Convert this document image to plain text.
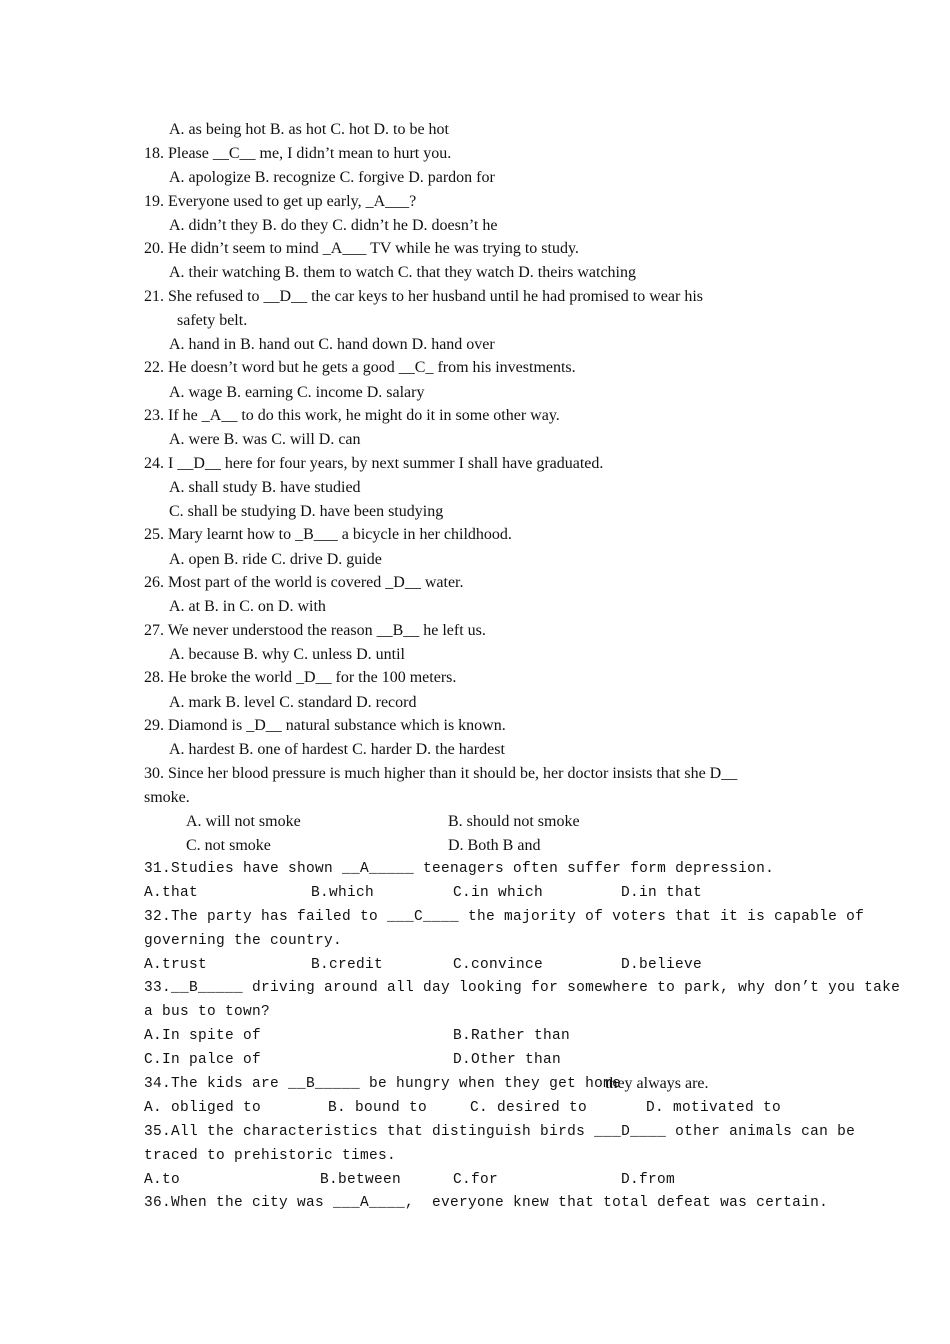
A. as being hot B. as hot C. hot D. to be hot
18. Please __C__ me, I didn’t mean to hurt you.
A. apologize B. recognize C. forgive D. pardon for
19. Everyone used to get up early, _A___?
A. didn’t they B. do they C. didn’t he D. doesn’t he
20. He didn’t seem to mind _A___ TV while he was trying to study.
A. their watching B. them to watch C. that they watch D. theirs watching
21. She refused to __D__ the car keys to her husband until he had promised to wear his
safety belt.
A. hand in B. hand out C. hand down D. hand over
22. He doesn’t word but he gets a good __C_ from his investments.
A. wage B. earning C. income D. salary
23. If he _A__ to do this work, he might do it in some other way.
A. were B. was C. will D. can
24. I __D__ here for four years, by next summer I shall have graduated.
A. shall study B. have studied
C. shall be studying D. have been studying
25. Mary learnt how to _B___ a bicycle in her childhood.
A. open B. ride C. drive D. guide
26. Most part of the world is covered _D__ water.
A. at B. in C. on D. with
27. We never understood the reason __B__ he left us.
A. because B. why C. unless D. until
28. He broke the world _D__ for the 100 meters.
A. mark B. level C. standard D. record
29. Diamond is _D__ natural substance which is known.
A. hardest B. one of hardest C. harder D. the hardest
30. Since her blood pressure is much higher than it should be, her doctor insists that she D__
smoke.
A. will not smoke	B. should not smoke
C. not smoke	D. Both B and
31.Studies have shown __A_____ teenagers often suffer form depression.
A.that	B.which	C.in which	D.in that
32.The party has failed to ___C____ the majority of voters that it is capable of
governing the country.
A.trust	B.credit	C.convince	D.believe
33.__B_____ driving around all day looking for somewhere to park, why don’t you take
a bus to town?
A.In spite of	B.Rather than
C.In palce of	D.Other than
34.The kids are __B_____ be hungry when they get home
they always are.
A. obliged to	B. bound to	C. desired to	D. motivated to
35.All the characteristics that distinguish birds ___D____ other animals can be
traced to prehistoric times.
A.to	B.between	C.for	D.from
36.When the city was ___A____,  everyone knew that total defeat was certain.
